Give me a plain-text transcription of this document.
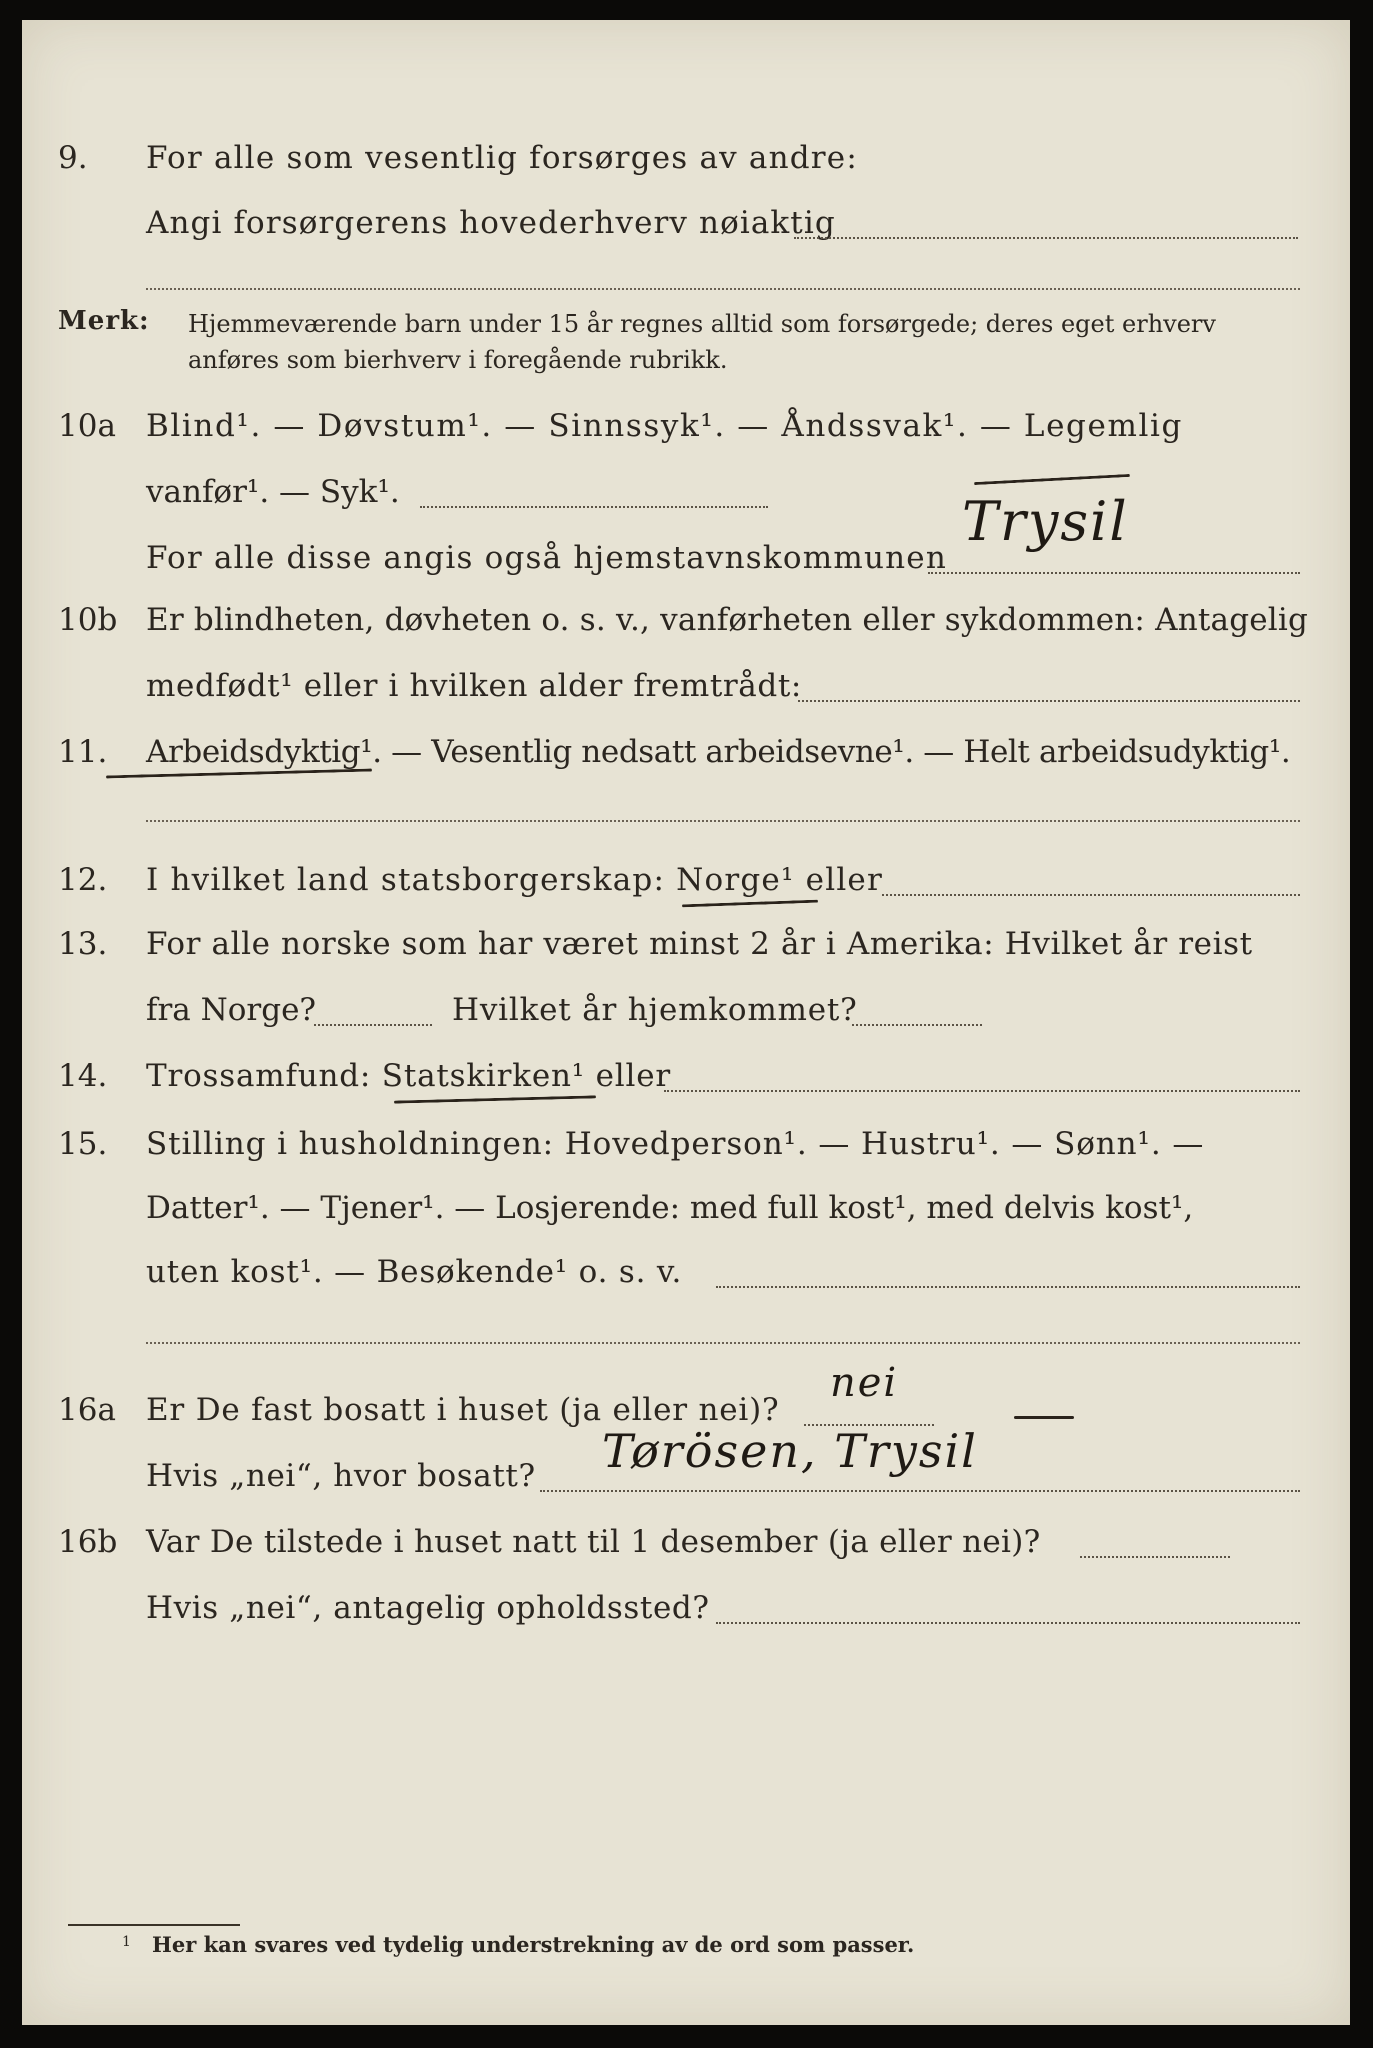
9. For alle som vesentlig forsørges av andre:
Angi forsørgerens hovederhverv nøiaktig
Merk: Hjemmeværende barn under 15 år regnes alltid som forsørgede; deres eget erhverv
anføres som bierhverv i foregående rubrikk.
10a Blind¹. — Døvstum¹. — Sinnssyk¹. — Åndssvak¹. — Legemlig
vanfør¹. — Syk¹.
For alle disse angis også hjemstavnskommunen
Trysil
10b Er blindheten, døvheten o. s. v., vanførheten eller sykdommen: Antagelig
medfødt¹ eller i hvilken alder fremtrådt:
11. Arbeidsdyktig¹. — Vesentlig nedsatt arbeidsevne¹. — Helt arbeidsudyktig¹.
12. I hvilket land statsborgerskap: Norge¹ eller
13. For alle norske som har været minst 2 år i Amerika: Hvilket år reist
fra Norge?	Hvilket år hjemkommet?
14. Trossamfund: Statskirken¹ eller
15. Stilling i husholdningen: Hovedperson¹. — Hustru¹. — Sønn¹. —
Datter¹. — Tjener¹. — Losjerende: med full kost¹, med delvis kost¹,
uten kost¹. — Besøkende¹ o. s. v.
16a Er De fast bosatt i huset (ja eller nei)?
nei
Hvis „nei“, hvor bosatt? Tørösen, Trysil
16b Var De tilstede i huset natt til 1 desember (ja eller nei)?
Hvis „nei“, antagelig opholdssted?
1 Her kan svares ved tydelig understrekning av de ord som passer.
